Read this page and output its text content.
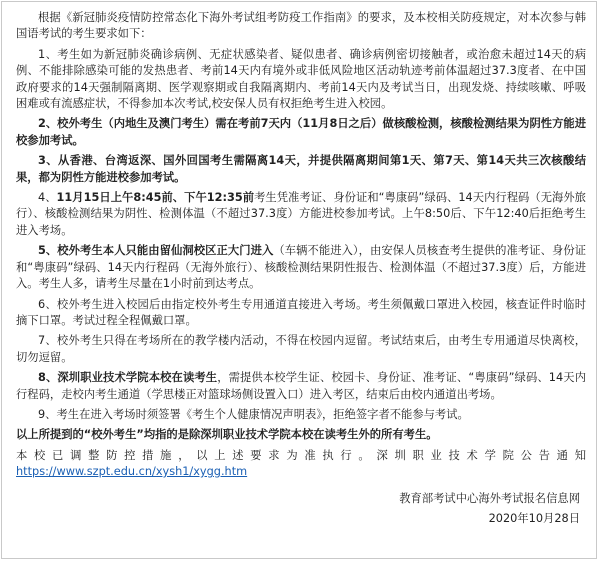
根据《新冠肺炎疫情防控常态化下海外考试组考防疫工作指南》的要求，及本校相关防疫规定，对本次参与韩国语考试的考生要求如下：

1、考生如为新冠肺炎确诊病例、无症状感染者、疑似患者、确诊病例密切接触者，或治愈未超过14天的病例、不能排除感染可能的发热患者、考前14天内有境外或非低风险地区活动轨迹考前体温超过37.3度者、在中国政府要求的14天强制隔离期、医学观察期或自我隔离期内、考前14天内及考试当日，出现发烧、持续咳嗽、呼吸困难或有流感症状，不得参加本次考试,校安保人员有权拒绝考生进入校园。

2、校外考生（内地生及澳门考生）需在考前7天内（11月8日之后）做核酸检测，核酸检测结果为阴性方能进校参加考试。

3、从香港、台湾返深、国外回国考生需隔离14天，并提供隔离期间第1天、第7天、第14天共三次核酸结果，都为阴性方能进校参加考试。

4、11月15日上午8:45前、下午12:35前考生凭准考证、身份证和“粤康码”绿码、14天内行程码（无海外旅行）、核酸检测结果为阴性、检测体温（不超过37.3度）方能进校参加考试。上午8:50后、下午12:40后拒绝考生进入考场。

5、校外考生本人只能由留仙洞校区正大门进入（车辆不能进入），由安保人员核查考生提供的准考证、身份证和“粤康码”绿码、14天内行程码（无海外旅行）、核酸检测结果阴性报告、检测体温（不超过37.3度）后，方能进入。考生人多，请考生尽量在1小时前到达考点。

6、校外考生进入校园后由指定校外考生专用通道直接进入考场。考生须佩戴口罩进入校园，核查证件时临时摘下口罩。考试过程全程佩戴口罩。

7、校外考生只得在考场所在的教学楼内活动，不得在校园内逗留。考试结束后，由考生专用通道尽快离校，切勿逗留。

8、深圳职业技术学院本校在读考生，需提供本校学生证、校园卡、身份证、准考证、“粤康码”绿码、14天内行程码，走校内考生通道（学思楼正对篮球场侧设置入口）进入考区，结束后由校内通道出考场。

9、考生在进入考场时须签署《考生个人健康情况声明表》，拒绝签字者不能参与考试。

以上所提到的“校外考生”均指的是除深圳职业技术学院本校在读考生外的所有考生。

本校已调整防控措施，以上述要求为准执行。深圳职业技术学院公告通知https://www.szpt.edu.cn/xysh1/xygg.htm

教育部考试中心海外考试报名信息网

2020年10月28日
